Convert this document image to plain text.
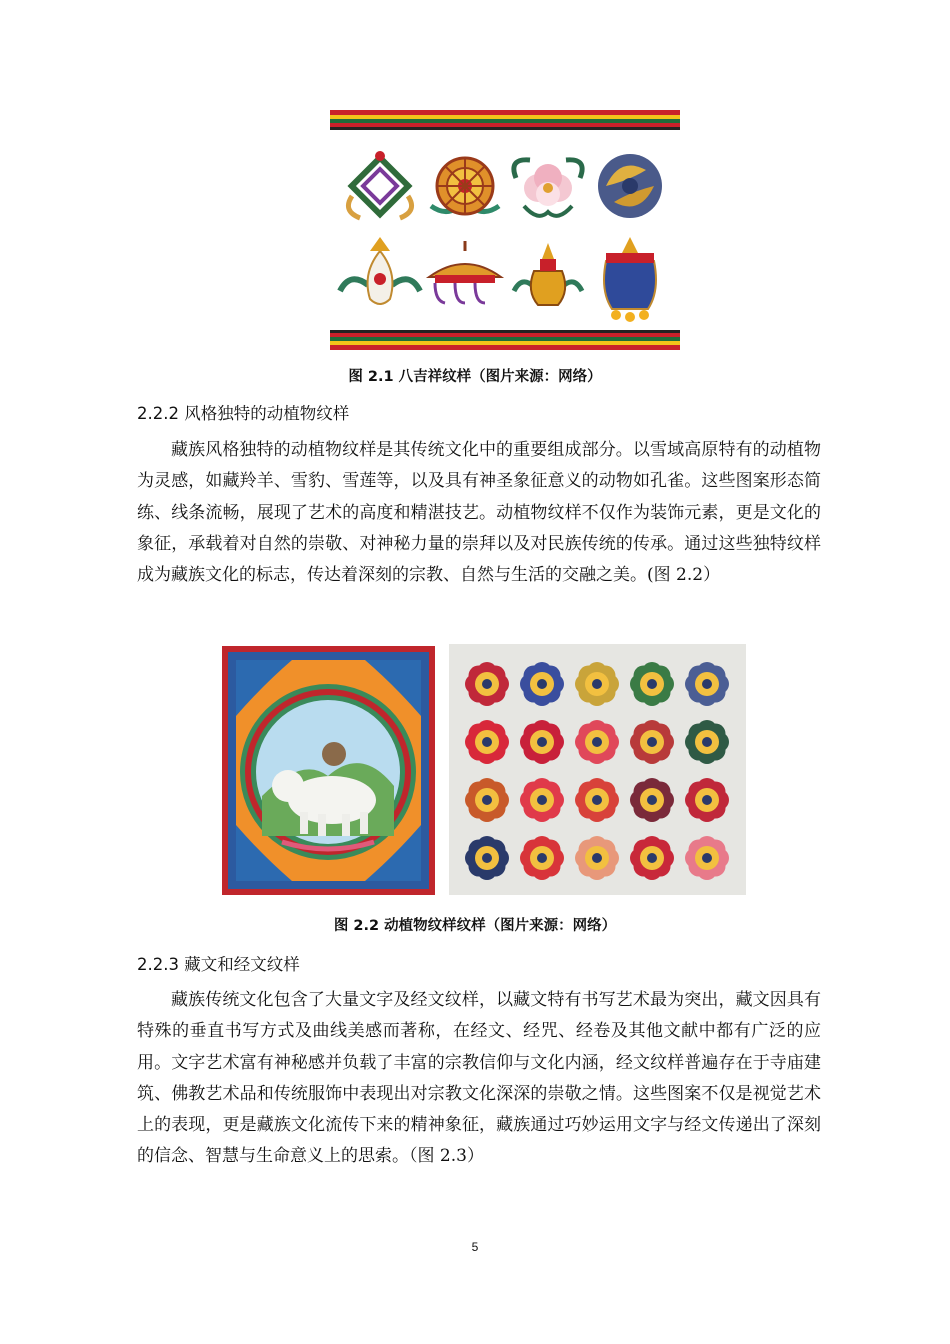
图 2.1 八吉祥纹样（图片来源：网络）
2.2.2 风格独特的动植物纹样

藏族风格独特的动植物纹样是其传统文化中的重要组成部分。以雪域高原特有的动植物为灵感，如藏羚羊、雪豹、雪莲等，以及具有神圣象征意义的动物如孔雀。这些图案形态简练、线条流畅，展现了艺术的高度和精湛技艺。动植物纹样不仅作为装饰元素，更是文化的象征，承载着对自然的崇敬、对神秘力量的崇拜以及对民族传统的传承。通过这些独特纹样成为藏族文化的标志，传达着深刻的宗教、自然与生活的交融之美。(图 2.2）

图 2.2 动植物纹样纹样（图片来源：网络）
2.2.3 藏文和经文纹样

藏族传统文化包含了大量文字及经文纹样，以藏文特有书写艺术最为突出，藏文因具有特殊的垂直书写方式及曲线美感而著称，在经文、经咒、经卷及其他文献中都有广泛的应用。文字艺术富有神秘感并负载了丰富的宗教信仰与文化内涵，经文纹样普遍存在于寺庙建筑、佛教艺术品和传统服饰中表现出对宗教文化深深的崇敬之情。这些图案不仅是视觉艺术上的表现，更是藏族文化流传下来的精神象征，藏族通过巧妙运用文字与经文传递出了深刻的信念、智慧与生命意义上的思索。（图 2.3）

5
